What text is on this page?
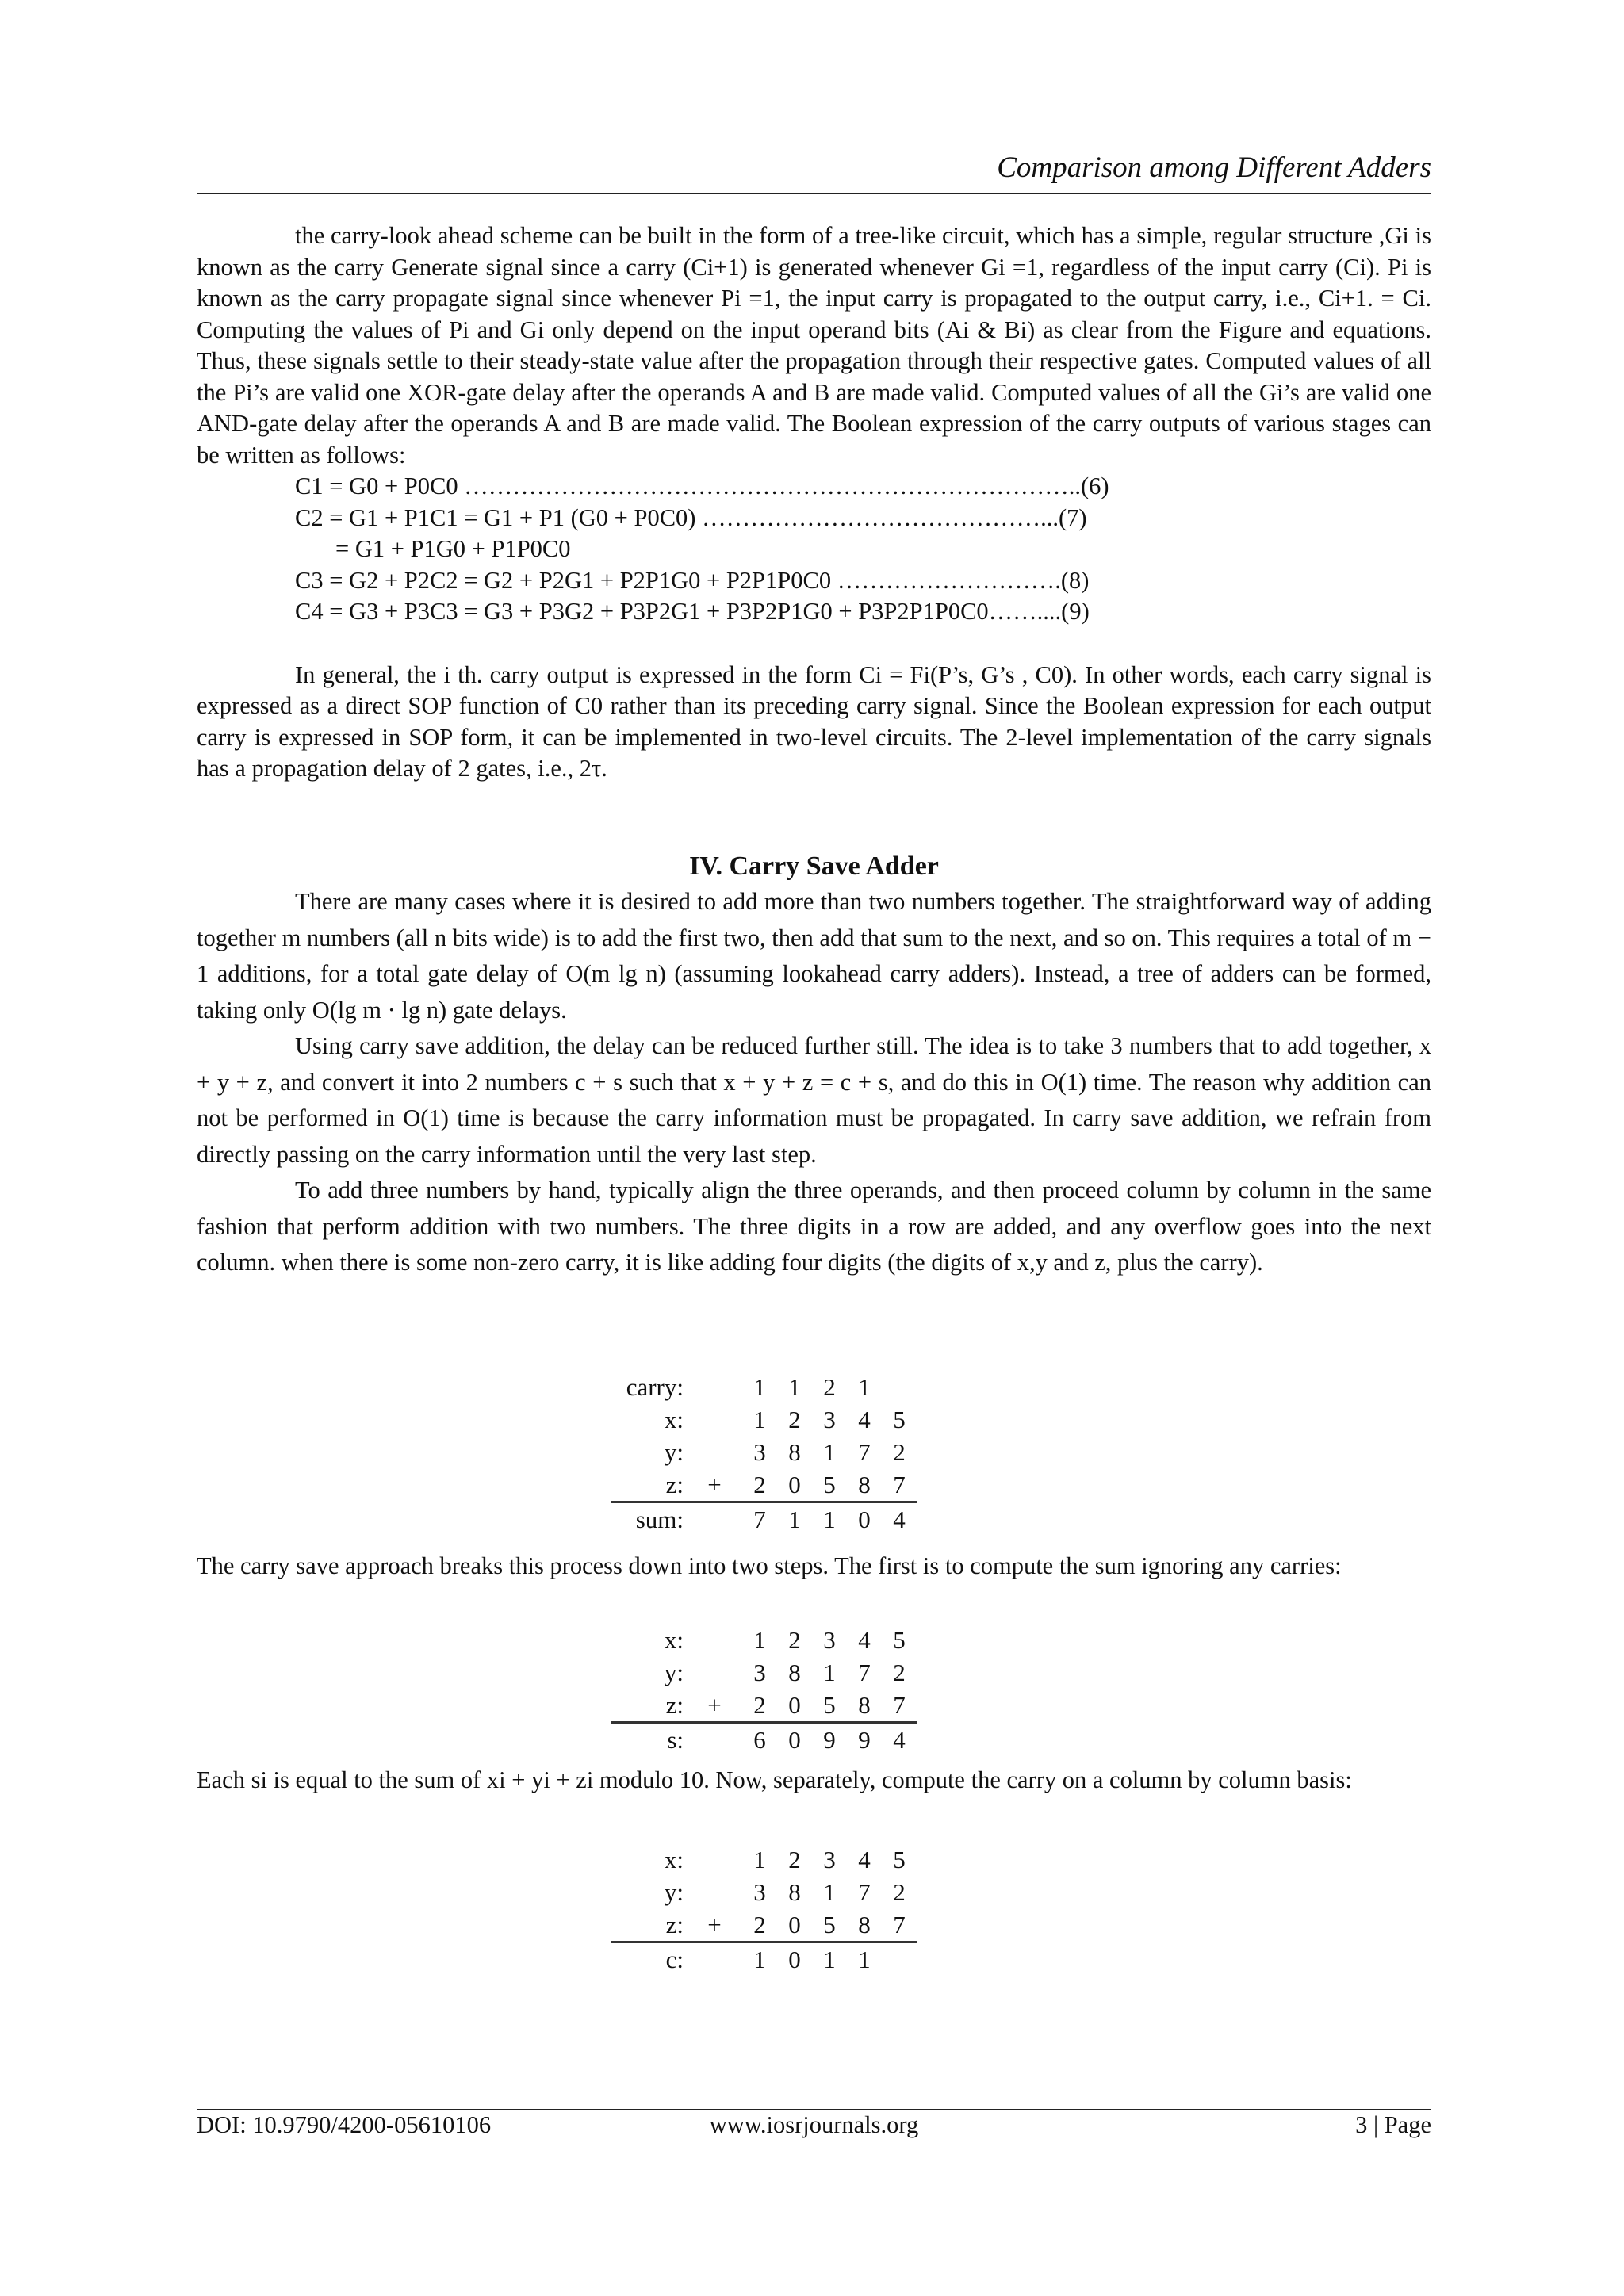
Comparison among Different Adders

the carry-look ahead scheme can be built in the form of a tree-like circuit, which has a simple, regular structure ,Gi is known as the carry Generate signal since a carry (Ci+1) is generated whenever Gi =1, regardless of the input carry (Ci). Pi is known as the carry propagate signal since whenever Pi =1, the input carry is propagated to the output carry, i.e., Ci+1. = Ci. Computing the values of Pi and Gi only depend on the input operand bits (Ai & Bi) as clear from the Figure and equations. Thus, these signals settle to their steady-state value after the propagation through their respective gates. Computed values of all the Pi’s are valid one XOR-gate delay after the operands A and B are made valid. Computed values of all the Gi’s are valid one AND-gate delay after the operands A and B are made valid. The Boolean expression of the carry outputs of various stages can be written as follows:

C1 = G0 + P0C0 …………………………………………………………………..(6)
C2 = G1 + P1C1 = G1 + P1 (G0 + P0C0) ……………………………………...(7)
= G1 + P1G0 + P1P0C0
C3 = G2 + P2C2 = G2 + P2G1 + P2P1G0 + P2P1P0C0 ……………………….(8)
C4 = G3 + P3C3 = G3 + P3G2 + P3P2G1 + P3P2P1G0 + P3P2P1P0C0……....(9)

In general, the i th. carry output is expressed in the form Ci = Fi(P’s, G’s , C0). In other words, each carry signal is expressed as a direct SOP function of C0 rather than its preceding carry signal. Since the Boolean expression for each output carry is expressed in SOP form, it can be implemented in two-level circuits. The 2-level implementation of the carry signals has a propagation delay of 2 gates, i.e., 2τ.

IV. Carry Save Adder

There are many cases where it is desired to add more than two numbers together. The straightforward way of adding together m numbers (all n bits wide) is to add the first two, then add that sum to the next, and so on. This requires a total of m − 1 additions, for a total gate delay of O(m lg n) (assuming lookahead carry adders). Instead, a tree of adders can be formed, taking only O(lg m · lg n) gate delays.

Using carry save addition, the delay can be reduced further still. The idea is to take 3 numbers that to add together, x + y + z, and convert it into 2 numbers c + s such that x + y + z = c + s, and do this in O(1) time. The reason why addition can not be performed in O(1) time is because the carry information must be propagated. In carry save addition, we refrain from directly passing on the carry information until the very last step.

To add three numbers by hand, typically align the three operands, and then proceed column by column in the same fashion that perform addition with two numbers. The three digits in a row are added, and any overflow goes into the next column. when there is some non-zero carry, it is like adding four digits (the digits of x,y and z, plus the carry).

carry:		1	1	2	1	
x:		1	2	3	4	5
y:		3	8	1	7	2
z:	+	2	0	5	8	7
sum:		7	1	1	0	4

The carry save approach breaks this process down into two steps. The first is to compute the sum ignoring any carries:

x:		1	2	3	4	5
y:		3	8	1	7	2
z:	+	2	0	5	8	7
s:		6	0	9	9	4

Each si is equal to the sum of xi + yi + zi modulo 10. Now, separately, compute the carry on a column by column basis:

x:		1	2	3	4	5
y:		3	8	1	7	2
z:	+	2	0	5	8	7
c:		1	0	1	1	
DOI: 10.9790/4200-05610106	www.iosrjournals.org	3 | Page
